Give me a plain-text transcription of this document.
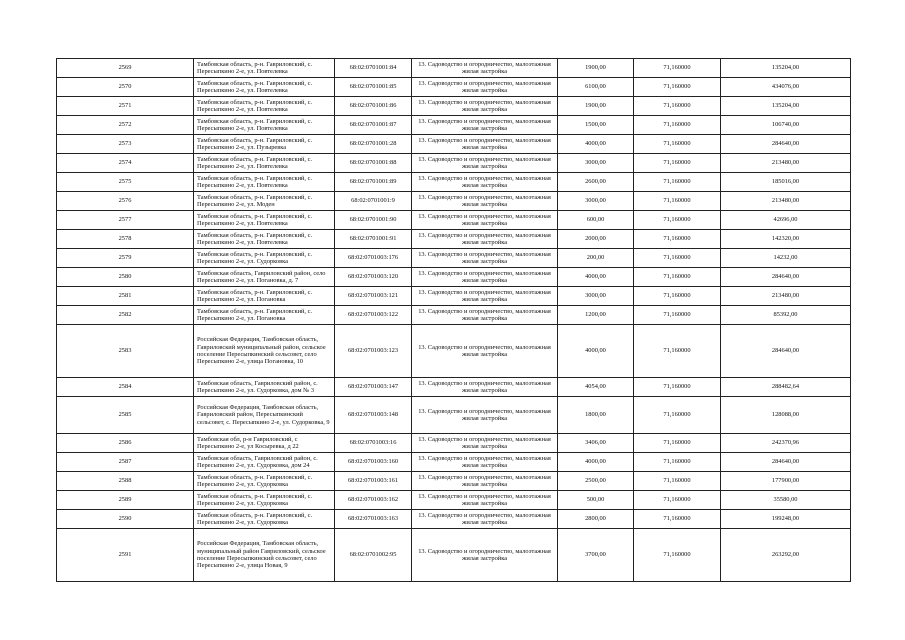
2569	Тамбовская область, р-н. Гавриловский, с. Пересыпкино 2-е, ул. Повтелевка	68:02:0701001:84	13. Садоводство и огородничество, малоэтажная жилая застройка	1900,00	71,160000	135204,00
2570	Тамбовская область, р-н. Гавриловский, с. Пересыпкино 2-е, ул. Повтелевка	68:02:0701001:85	13. Садоводство и огородничество, малоэтажная жилая застройка	6100,00	71,160000	434076,00
2571	Тамбовская область, р-н. Гавриловский, с. Пересыпкино 2-е, ул. Повтелевка	68:02:0701001:86	13. Садоводство и огородничество, малоэтажная жилая застройка	1900,00	71,160000	135204,00
2572	Тамбовская область, р-н. Гавриловский, с. Пересыпкино 2-е, ул. Повтелевка	68:02:0701001:87	13. Садоводство и огородничество, малоэтажная жилая застройка	1500,00	71,160000	106740,00
2573	Тамбовская область, р-н. Гавриловский, с. Пересыпкино 2-е, ул. Пузыревка	68:02:0701001:28	13. Садоводство и огородничество, малоэтажная жилая застройка	4000,00	71,160000	284640,00
2574	Тамбовская область, р-н. Гавриловский, с. Пересыпкино 2-е, ул. Повтелевка	68:02:0701001:88	13. Садоводство и огородничество, малоэтажная жилая застройка	3000,00	71,160000	213480,00
2575	Тамбовская область, р-н. Гавриловский, с. Пересыпкино 2-е, ул. Повтелевка	68:02:0701001:89	13. Садоводство и огородничество, малоэтажная жилая застройка	2600,00	71,160000	185016,00
2576	Тамбовская область, р-н. Гавриловский, с. Пересыпкино 2-е, ул. Моден	68:02:0701001:9	13. Садоводство и огородничество, малоэтажная жилая застройка	3000,00	71,160000	213480,00
2577	Тамбовская область, р-н. Гавриловский, с. Пересыпкино 2-е, ул. Повтелевка	68:02:0701001:90	13. Садоводство и огородничество, малоэтажная жилая застройка	600,00	71,160000	42696,00
2578	Тамбовская область, р-н. Гавриловский, с. Пересыпкино 2-е, ул. Повтелевка	68:02:0701001:91	13. Садоводство и огородничество, малоэтажная жилая застройка	2000,00	71,160000	142320,00
2579	Тамбовская область, р-н. Гавриловский, с. Пересыпкино 2-е, ул. Судорковка	68:02:0701003:176	13. Садоводство и огородничество, малоэтажная жилая застройка	200,00	71,160000	14232,00
2580	Тамбовская область, Гавриловский район, село Пересыпкино 2-е, ул. Погановка, д. 7	68:02:0701003:120	13. Садоводство и огородничество, малоэтажная жилая застройка	4000,00	71,160000	284640,00
2581	Тамбовская область, р-н. Гавриловский, с. Пересыпкино 2-е, ул. Погановка	68:02:0701003:121	13. Садоводство и огородничество, малоэтажная жилая застройка	3000,00	71,160000	213480,00
2582	Тамбовская область, р-н. Гавриловский, с. Пересыпкино 2-е, ул. Погановка	68:02:0701003:122	13. Садоводство и огородничество, малоэтажная жилая застройка	1200,00	71,160000	85392,00
2583	Российская Федерация, Тамбовская область, Гавриловский муниципальный район, сельское поселение Пересыпкинский сельсовет, село Пересыпкино 2-е, улица Погановка, 10	68:02:0701003:123	13. Садоводство и огородничество, малоэтажная жилая застройка	4000,00	71,160000	284640,00
2584	Тамбовская область, Гавриловский район, с. Пересыпкино 2-е, ул. Судорковка, дом № 3	68:02:0701003:147	13. Садоводство и огородничество, малоэтажная жилая застройка	4054,00	71,160000	288482,64
2585	Российская Федерация, Тамбовская область, Гавриловский район, Пересыпкинский сельсовет, с. Пересыпкино 2-е, ул. Судорковка, 9	68:02:0701003:148	13. Садоводство и огородничество, малоэтажная жилая застройка	1800,00	71,160000	128088,00
2586	Тамбовская обл, р-н Гавриловский, с Пересыпкино 2-е, ул Косыревка, д 22	68:02:0701003:16	13. Садоводство и огородничество, малоэтажная жилая застройка	3406,00	71,160000	242370,96
2587	Тамбовская область, Гавриловский район, с. Пересыпкино 2-е, ул. Судорковка, дом 24	68:02:0701003:160	13. Садоводство и огородничество, малоэтажная жилая застройка	4000,00	71,160000	284640,00
2588	Тамбовская область, р-н. Гавриловский, с. Пересыпкино 2-е, ул. Судорковка	68:02:0701003:161	13. Садоводство и огородничество, малоэтажная жилая застройка	2500,00	71,160000	177900,00
2589	Тамбовская область, р-н. Гавриловский, с. Пересыпкино 2-е, ул. Судорковка	68:02:0701003:162	13. Садоводство и огородничество, малоэтажная жилая застройка	500,00	71,160000	35580,00
2590	Тамбовская область, р-н. Гавриловский, с. Пересыпкино 2-е, ул. Судорковка	68:02:0701003:163	13. Садоводство и огородничество, малоэтажная жилая застройка	2800,00	71,160000	199248,00
2591	Российская Федерация, Тамбовская область, муниципальный район Гавриловский, сельское поселение Пересыпкинский сельсовет, село Пересыпкино 2-е, улица Новая, 9	68:02:0701002:95	13. Садоводство и огородничество, малоэтажная жилая застройка	3700,00	71,160000	263292,00
